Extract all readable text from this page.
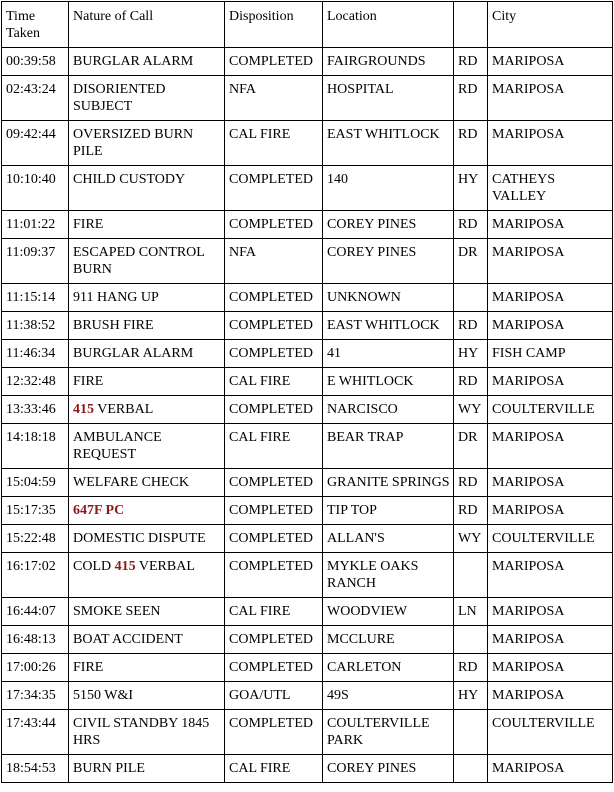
Time Taken	Nature of Call	Disposition	Location		City
00:39:58	BURGLAR ALARM	COMPLETED	FAIRGROUNDS	RD	MARIPOSA
02:43:24	DISORIENTED SUBJECT	NFA	HOSPITAL	RD	MARIPOSA
09:42:44	OVERSIZED BURN PILE	CAL FIRE	EAST WHITLOCK	RD	MARIPOSA
10:10:40	CHILD CUSTODY	COMPLETED	140	HY	CATHEYS VALLEY
11:01:22	FIRE	COMPLETED	COREY PINES	RD	MARIPOSA
11:09:37	ESCAPED CONTROL BURN	NFA	COREY PINES	DR	MARIPOSA
11:15:14	911 HANG UP	COMPLETED	UNKNOWN		MARIPOSA
11:38:52	BRUSH FIRE	COMPLETED	EAST WHITLOCK	RD	MARIPOSA
11:46:34	BURGLAR ALARM	COMPLETED	41	HY	FISH CAMP
12:32:48	FIRE	CAL FIRE	E WHITLOCK	RD	MARIPOSA
13:33:46	415 VERBAL	COMPLETED	NARCISCO	WY	COULTERVILLE
14:18:18	AMBULANCE REQUEST	CAL FIRE	BEAR TRAP	DR	MARIPOSA
15:04:59	WELFARE CHECK	COMPLETED	GRANITE SPRINGS	RD	MARIPOSA
15:17:35	647F PC	COMPLETED	TIP TOP	RD	MARIPOSA
15:22:48	DOMESTIC DISPUTE	COMPLETED	ALLAN'S	WY	COULTERVILLE
16:17:02	COLD 415 VERBAL	COMPLETED	MYKLE OAKS RANCH		MARIPOSA
16:44:07	SMOKE SEEN	CAL FIRE	WOODVIEW	LN	MARIPOSA
16:48:13	BOAT ACCIDENT	COMPLETED	MCCLURE		MARIPOSA
17:00:26	FIRE	COMPLETED	CARLETON	RD	MARIPOSA
17:34:35	5150 W&I	GOA/UTL	49S	HY	MARIPOSA
17:43:44	CIVIL STANDBY 1845 HRS	COMPLETED	COULTERVILLE PARK		COULTERVILLE
18:54:53	BURN PILE	CAL FIRE	COREY PINES		MARIPOSA
